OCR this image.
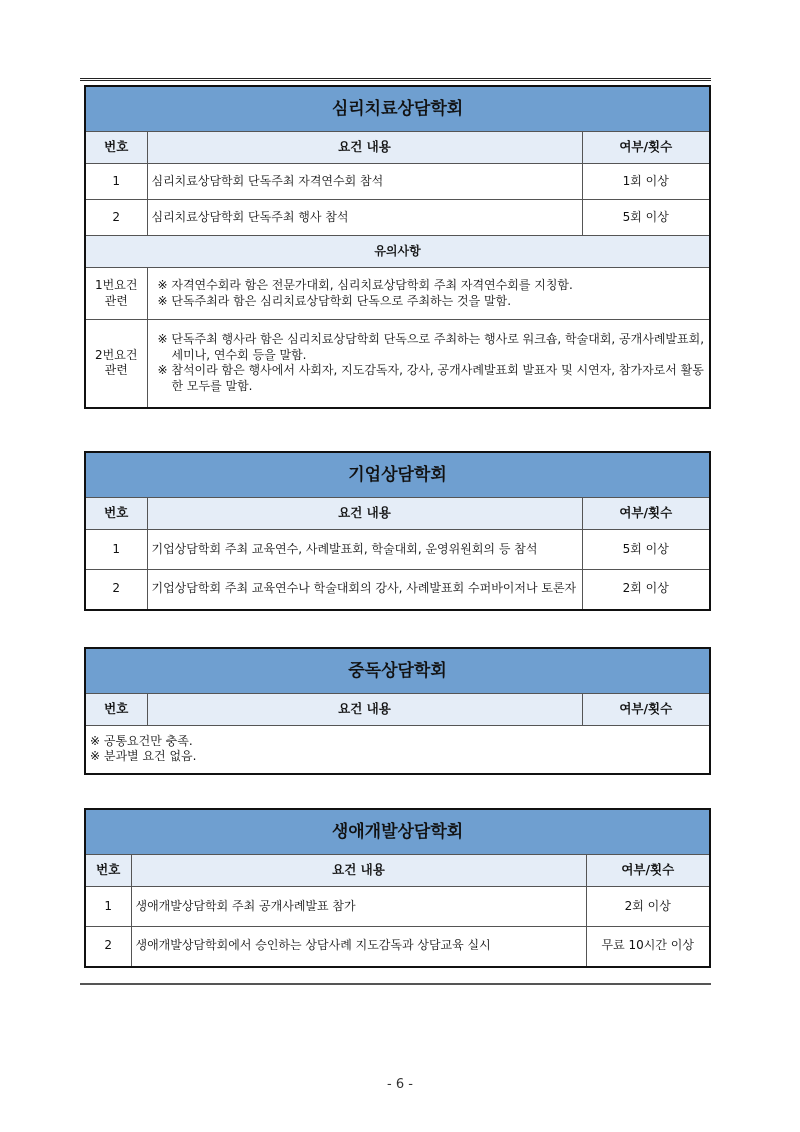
심리치료상담학회		
번호	요건 내용	여부/횟수
1	심리치료상담학회 단독주최 자격연수회 참석	1회 이상
2	심리치료상담학회 단독주최 행사 참석	5회 이상
유의사항		
1번요건 관련	※ 자격연수회라 함은 전문가대회, 심리치료상담학회 주최 자격연수회를 지칭함.
※ 단독주최라 함은 심리치료상담학회 단독으로 주최하는 것을 말함.	

2번요건 관련	※ 단독주최 행사라 함은 심리치료상담학회 단독으로 주최하는 행사로 워크숍, 학술대회, 공개사례발표회, 세미나, 연수회 등을 말함.
※ 참석이라 함은 행사에서 사회자, 지도감독자, 강사, 공개사례발표회 발표자 및 시연자, 참가자로서 활동한 모두를 말함.	
기업상담학회		
번호	요건 내용	여부/횟수
1	기업상담학회 주최 교육연수, 사례발표회, 학술대회, 운영위원회의 등 참석	5회 이상
2	기업상담학회 주최 교육연수나 학술대회의 강사, 사례발표회 수퍼바이저나 토론자	2회 이상
중독상담학회
번호	요건 내용	여부/횟수

※ 공통요건만 충족.
※ 분과별 요건 없음.
생애개발상담학회		
번호	요건 내용	여부/횟수
1	생애개발상담학회 주최 공개사례발표 참가	2회 이상
2	생애개발상담학회에서 승인하는 상담사례 지도감독과 상담교육 실시	무료 10시간 이상
- 6 -
